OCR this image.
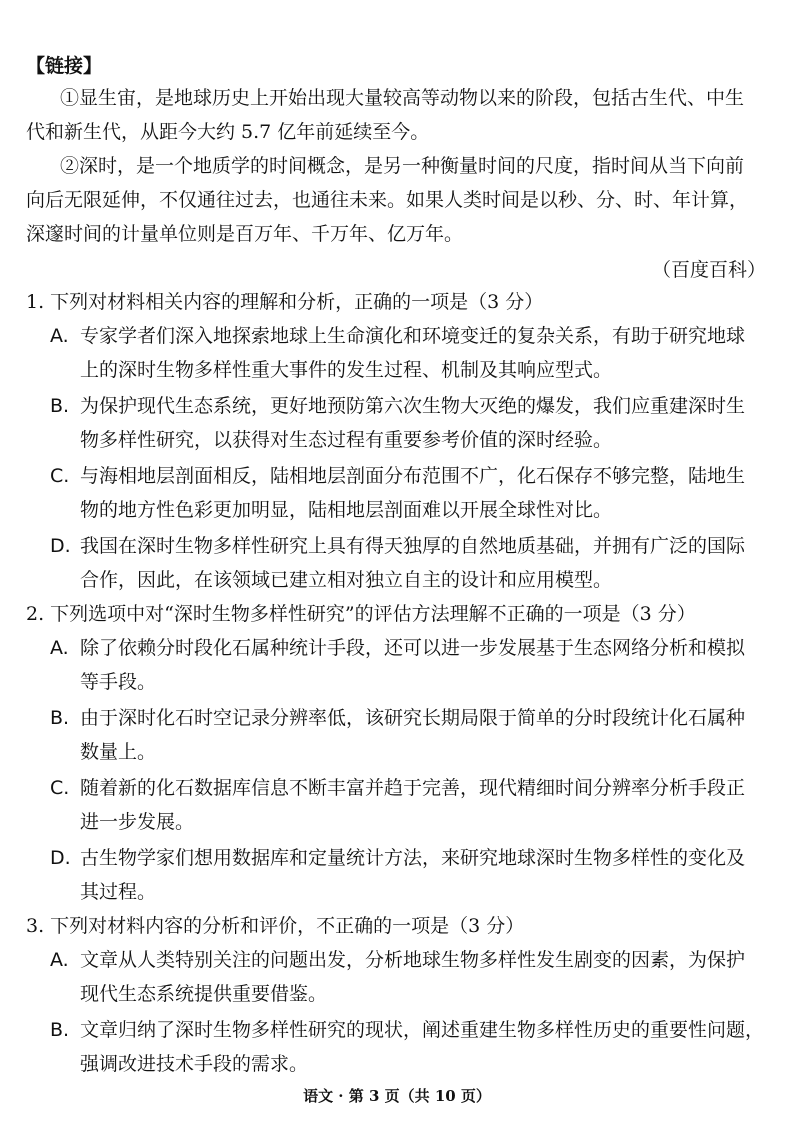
【链接】
①显生宙，是地球历史上开始出现大量较高等动物以来的阶段，包括古生代、中生
代和新生代，从距今大约 5.7 亿年前延续至今。
②深时，是一个地质学的时间概念，是另一种衡量时间的尺度，指时间从当下向前
向后无限延伸，不仅通往过去，也通往未来。如果人类时间是以秒、分、时、年计算，
深邃时间的计量单位则是百万年、千万年、亿万年。
（百度百科）
1. 下列对材料相关内容的理解和分析，正确的一项是（3 分）
A. 专家学者们深入地探索地球上生命演化和环境变迁的复杂关系，有助于研究地球
上的深时生物多样性重大事件的发生过程、机制及其响应型式。
B. 为保护现代生态系统，更好地预防第六次生物大灭绝的爆发，我们应重建深时生
物多样性研究，以获得对生态过程有重要参考价值的深时经验。
C. 与海相地层剖面相反，陆相地层剖面分布范围不广，化石保存不够完整，陆地生
物的地方性色彩更加明显，陆相地层剖面难以开展全球性对比。
D. 我国在深时生物多样性研究上具有得天独厚的自然地质基础，并拥有广泛的国际
合作，因此，在该领域已建立相对独立自主的设计和应用模型。
2. 下列选项中对“深时生物多样性研究”的评估方法理解不正确的一项是（3 分）
A. 除了依赖分时段化石属种统计手段，还可以进一步发展基于生态网络分析和模拟
等手段。
B. 由于深时化石时空记录分辨率低，该研究长期局限于简单的分时段统计化石属种
数量上。
C. 随着新的化石数据库信息不断丰富并趋于完善，现代精细时间分辨率分析手段正
进一步发展。
D. 古生物学家们想用数据库和定量统计方法，来研究地球深时生物多样性的变化及
其过程。
3. 下列对材料内容的分析和评价，不正确的一项是（3 分）
A. 文章从人类特别关注的问题出发，分析地球生物多样性发生剧变的因素，为保护
现代生态系统提供重要借鉴。
B. 文章归纳了深时生物多样性研究的现状，阐述重建生物多样性历史的重要性问题，
强调改进技术手段的需求。
语文 · 第 3 页（共 10 页）
